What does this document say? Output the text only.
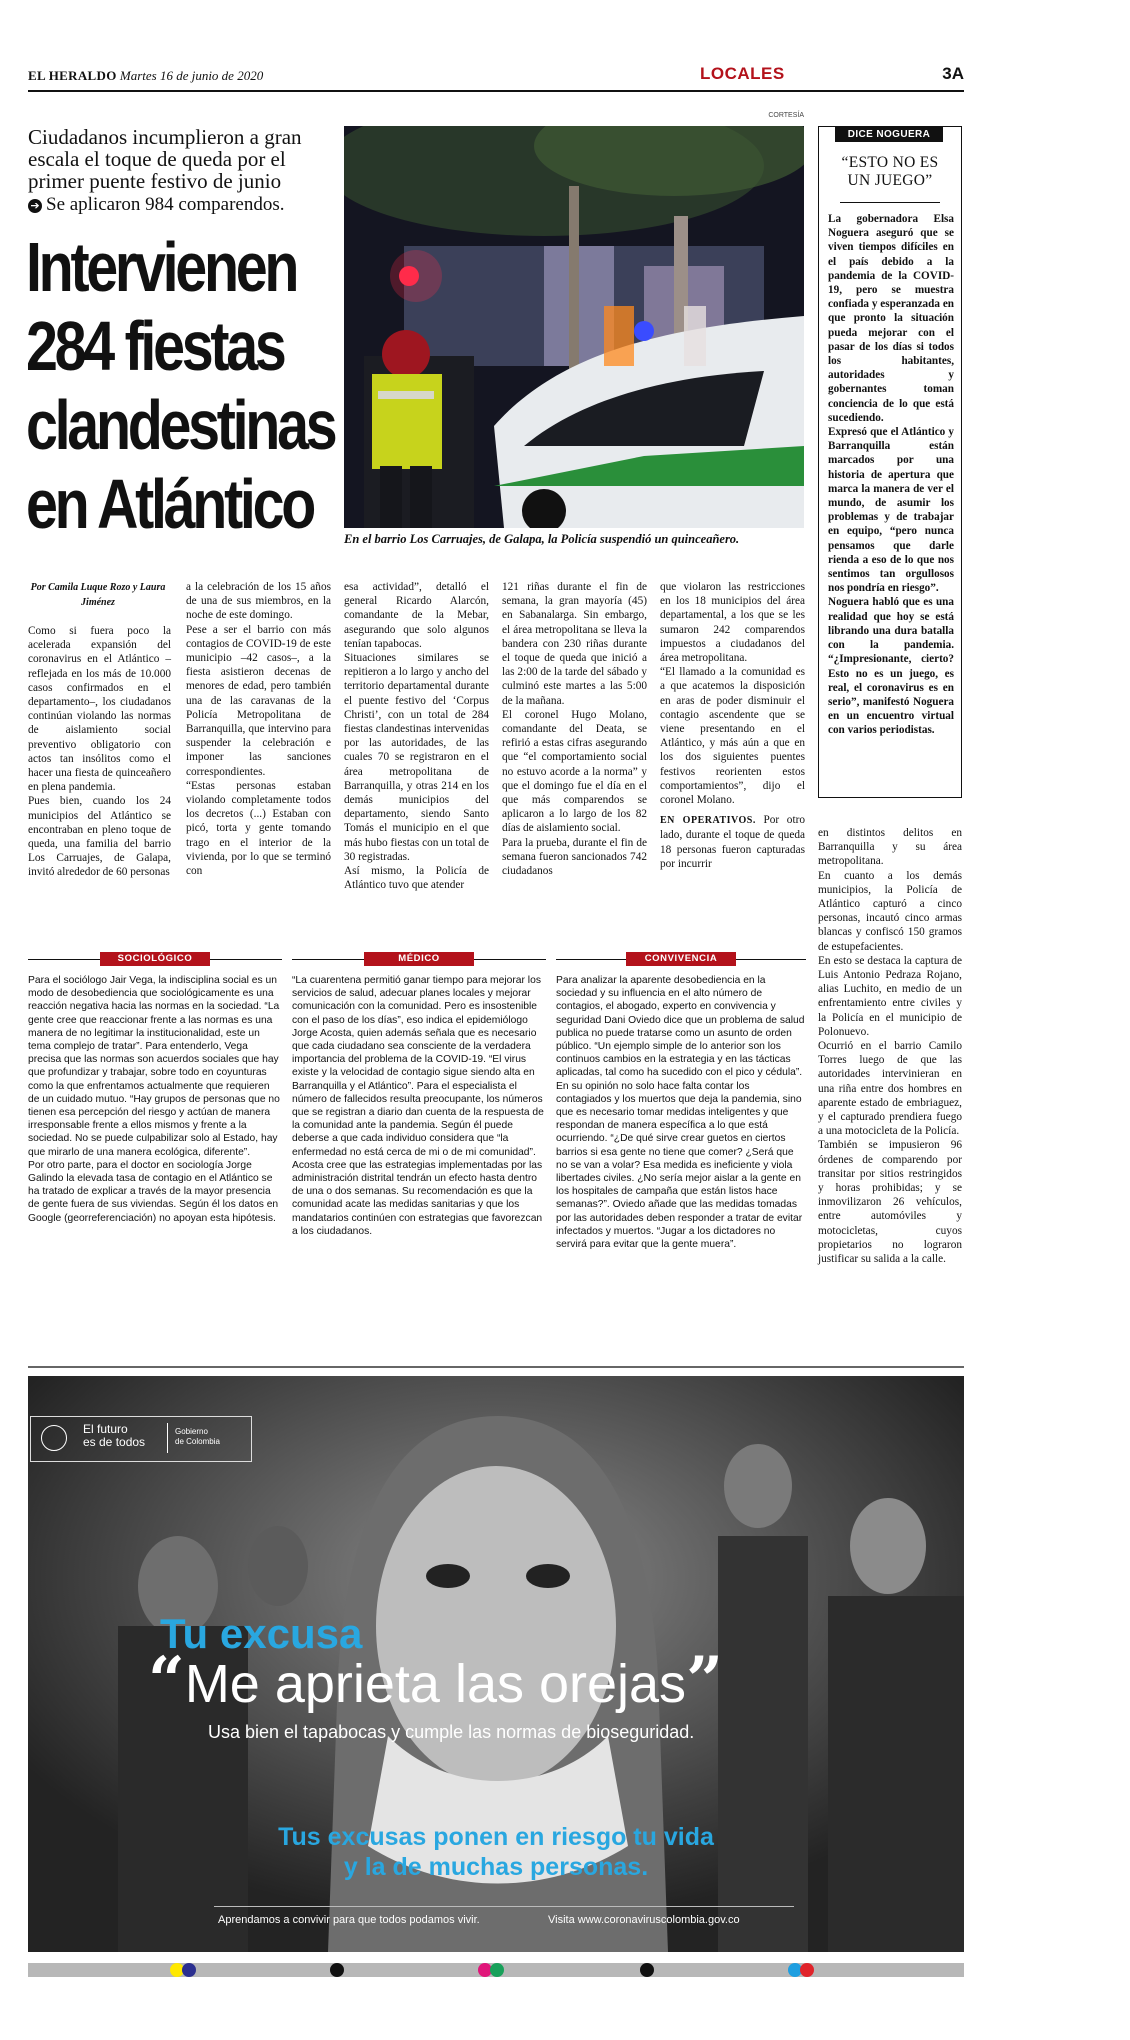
EL HERALDO Martes 16 de junio de 2020	LOCALES	3A
Ciudadanos incumplieron a gran escala el toque de queda por el primer puente festivo de junio
➔ Se aplicaron 984 comparendos.
Intervienen 284 fiestas clandestinas en Atlántico
CORTESÍA
En el barrio Los Carruajes, de Galapa, la Policía suspendió un quinceañero.
Por Camila Luque Rozo y Laura Jiménez
Como si fuera poco la acelerada expansión del coronavirus en el Atlántico –reflejada en los más de 10.000 casos confirmados en el departamento–, los ciudadanos continúan violando las normas de aislamiento social preventivo obligatorio con actos tan insólitos como el hacer una fiesta de quinceañero en plena pandemia.
Pues bien, cuando los 24 municipios del Atlántico se encontraban en pleno toque de queda, una familia del barrio Los Carruajes, de Galapa, invitó alrededor de 60 personas
a la celebración de los 15 años de una de sus miembros, en la noche de este domingo.
Pese a ser el barrio con más contagios de COVID-19 de este municipio –42 casos–, a la fiesta asistieron decenas de menores de edad, pero también una de las caravanas de la Policía Metropolitana de Barranquilla, que intervino para suspender la celebración e imponer las sanciones correspondientes.
“Estas personas estaban violando completamente todos los decretos (...) Estaban con picó, torta y gente tomando trago en el interior de la vivienda, por lo que se terminó con
esa actividad”, detalló el general Ricardo Alarcón, comandante de la Mebar, asegurando que solo algunos tenían tapabocas.
Situaciones similares se repitieron a lo largo y ancho del territorio departamental durante el puente festivo del ‘Corpus Christi’, con un total de 284 fiestas clandestinas intervenidas por las autoridades, de las cuales 70 se registraron en el área metropolitana de Barranquilla, y otras 214 en los demás municipios del departamento, siendo Santo Tomás el municipio en el que más hubo fiestas con un total de 30 registradas.
Así mismo, la Policía de Atlántico tuvo que atender
121 riñas durante el fin de semana, la gran mayoría (45) en Sabanalarga. Sin embargo, el área metropolitana se lleva la bandera con 230 riñas durante el toque de queda que inició a las 2:00 de la tarde del sábado y culminó este martes a las 5:00 de la mañana.
El coronel Hugo Molano, comandante del Deata, se refirió a estas cifras asegurando que “el comportamiento social no estuvo acorde a la norma” y que el domingo fue el día en el que más comparendos se aplicaron a lo largo de los 82 días de aislamiento social.
Para la prueba, durante el fin de semana fueron sancionados 742 ciudadanos
que violaron las restricciones en los 18 municipios del área departamental, a los que se les sumaron 242 comparendos impuestos a ciudadanos del área metropolitana.
“El llamado a la comunidad es a que acatemos la disposición en aras de poder disminuir el contagio ascendente que se viene presentando en el Atlántico, y más aún a que en los dos siguientes puentes festivos reorienten estos comportamientos”, dijo el coronel Molano.
EN OPERATIVOS. Por otro lado, durante el toque de queda 18 personas fueron capturadas por incurrir
DICE NOGUERA
“ESTO NO ES UN JUEGO”
La gobernadora Elsa Noguera aseguró que se viven tiempos difíciles en el país debido a la pandemia de la COVID-19, pero se muestra confiada y esperanzada en que pronto la situación pueda mejorar con el pasar de los días si todos los habitantes, autoridades y gobernantes toman conciencia de lo que está sucediendo.
Expresó que el Atlántico y Barranquilla están marcados por una historia de apertura que marca la manera de ver el mundo, de asumir los problemas y de trabajar en equipo, “pero nunca pensamos que darle rienda a eso de lo que nos sentimos tan orgullosos nos pondría en riesgo”.
Noguera habló que es una realidad que hoy se está librando una dura batalla con la pandemia. “¿Impresionante, cierto? Esto no es un juego, es real, el coronavirus es en serio”, manifestó Noguera en un encuentro virtual con varios periodistas.
en distintos delitos en Barranquilla y su área metropolitana.
En cuanto a los demás municipios, la Policía de Atlántico capturó a cinco personas, incautó cinco armas blancas y confiscó 150 gramos de estupefacientes.
En esto se destaca la captura de Luis Antonio Pedraza Rojano, alias Luchito, en medio de un enfrentamiento entre civiles y la Policía en el municipio de Polonuevo.
Ocurrió en el barrio Camilo Torres luego de que las autoridades intervinieran en una riña entre dos hombres en aparente estado de embriaguez, y el capturado prendiera fuego a una motocicleta de la Policía.
También se impusieron 96 órdenes de comparendo por transitar por sitios restringidos y horas prohibidas; y se inmovilizaron 26 vehículos, entre automóviles y motocicletas, cuyos propietarios no lograron justificar su salida a la calle.
SOCIOLÓGICO
Para el sociólogo Jair Vega, la indisciplina social es un modo de desobediencia que sociológicamente es una reacción negativa hacia las normas en la sociedad. “La gente cree que reaccionar frente a las normas es una manera de no legitimar la institucionalidad, este un tema complejo de tratar”. Para entenderlo, Vega precisa que las normas son acuerdos sociales que hay que profundizar y trabajar, sobre todo en coyunturas como la que enfrentamos actualmente que requieren de un cuidado mutuo. “Hay grupos de personas que no tienen esa percepción del riesgo y actúan de manera irresponsable frente a ellos mismos y frente a la sociedad. No se puede culpabilizar solo al Estado, hay que mirarlo de una manera ecológica, diferente”.
Por otro parte, para el doctor en sociología Jorge Galindo la elevada tasa de contagio en el Atlántico se ha tratado de explicar a través de la mayor presencia de gente fuera de sus viviendas. Según él los datos en Google (georreferenciación) no apoyan esta hipótesis.
MÉDICO
“La cuarentena permitió ganar tiempo para mejorar los servicios de salud, adecuar planes locales y mejorar comunicación con la comunidad. Pero es insostenible con el paso de los días”, eso indica el epidemiólogo Jorge Acosta, quien además señala que es necesario que cada ciudadano sea consciente de la verdadera importancia del problema de la COVID-19. “El virus existe y la velocidad de contagio sigue siendo alta en Barranquilla y el Atlántico”. Para el especialista el número de fallecidos resulta preocupante, los números que se registran a diario dan cuenta de la respuesta de la comunidad ante la pandemia. Según él puede deberse a que cada individuo considera que “la enfermedad no está cerca de mi o de mi comunidad”. Acosta cree que las estrategias implementadas por las administración distrital tendrán un efecto hasta dentro de una o dos semanas. Su recomendación es que la comunidad acate las medidas sanitarias y que los mandatarios continúen con estrategias que favorezcan a los ciudadanos.
CONVIVENCIA
Para analizar la aparente desobediencia en la sociedad y su influencia en el alto número de contagios, el abogado, experto en convivencia y seguridad Dani Oviedo dice que un problema de salud publica no puede tratarse como un asunto de orden público. “Un ejemplo simple de lo anterior son los continuos cambios en la estrategia y en las tácticas aplicadas, tal como ha sucedido con el pico y cédula”. En su opinión no solo hace falta contar los contagiados y los muertos que deja la pandemia, sino que es necesario tomar medidas inteligentes y que respondan de manera específica a lo que está ocurriendo. “¿De qué sirve crear guetos en ciertos barrios si esa gente no tiene que comer? ¿Será que no se van a volar? Esa medida es ineficiente y viola libertades civiles. ¿No sería mejor aislar a la gente en los hospitales de campaña que están listos hace semanas?”. Oviedo añade que las medidas tomadas por las autoridades deben responder a tratar de evitar infectados y muertos. “Jugar a los dictadores no servirá para evitar que la gente muera”.
El futuro
es de todos
Gobierno
de Colombia
Tu excusa
“Me aprieta las orejas”
Usa bien el tapabocas y cumple las normas de bioseguridad.
Tus excusas ponen en riesgo tu vida
y la de muchas personas.
Aprendamos a convivir para que todos podamos vivir.	Visita www.coronaviruscolombia.gov.co
